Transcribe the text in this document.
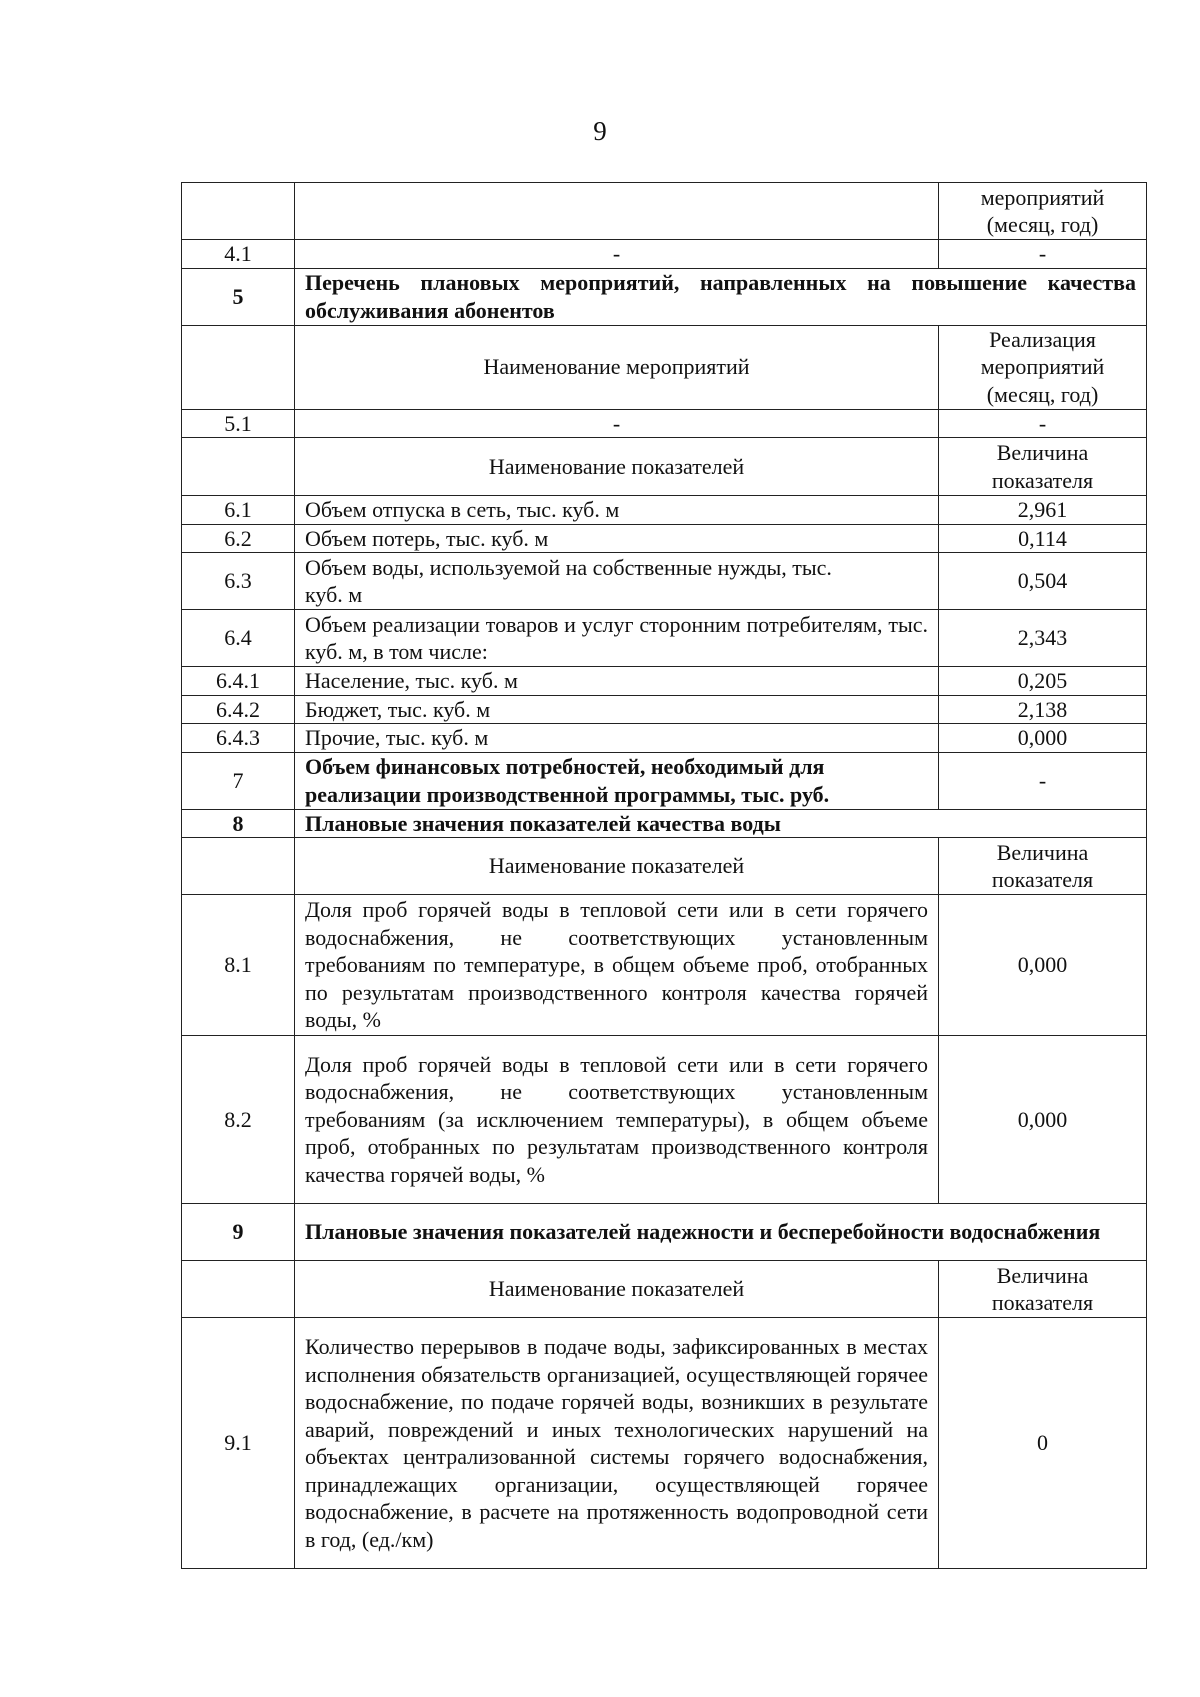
9
		мероприятий (месяц, год)
4.1	-	-
5	Перечень плановых мероприятий, направленных на повышение качества обслуживания абонентов	
	Наименование мероприятий	Реализация мероприятий (месяц, год)
5.1	-	-
	Наименование показателей	Величина показателя
6.1	Объем отпуска в сеть, тыс. куб. м	2,961
6.2	Объем потерь, тыс. куб. м	0,114
6.3	Объем воды, используемой на собственные нужды, тыс. куб. м	0,504
6.4	Объем реализации товаров и услуг сторонним потребителям, тыс. куб. м, в том числе:	2,343
6.4.1	Население, тыс. куб. м	0,205
6.4.2	Бюджет, тыс. куб. м	2,138
6.4.3	Прочие, тыс. куб. м	0,000
7	Объем финансовых потребностей, необходимый для реализации производственной программы, тыс. руб.	-
8	Плановые значения показателей качества воды	
	Наименование показателей	Величина показателя
8.1	Доля проб горячей воды в тепловой сети или в сети горячего водоснабжения, не соответствующих установленным требованиям по температуре, в общем объеме проб, отобранных по результатам производственного контроля качества горячей воды, %	0,000
8.2	Доля проб горячей воды в тепловой сети или в сети горячего водоснабжения, не соответствующих установленным требованиям (за исключением температуры), в общем объеме проб, отобранных по результатам производственного контроля качества горячей воды, %	0,000
9	Плановые значения показателей надежности и бесперебойности водоснабжения	
	Наименование показателей	Величина показателя
9.1	Количество перерывов в подаче воды, зафиксированных в местах исполнения обязательств организацией, осуществляющей горячее водоснабжение, по подаче горячей воды, возникших в результате аварий, повреждений и иных технологических нарушений на объектах централизованной системы горячего водоснабжения, принадлежащих организации, осуществляющей горячее водоснабжение, в расчете на протяженность водопроводной сети в год, (ед./км)	0
